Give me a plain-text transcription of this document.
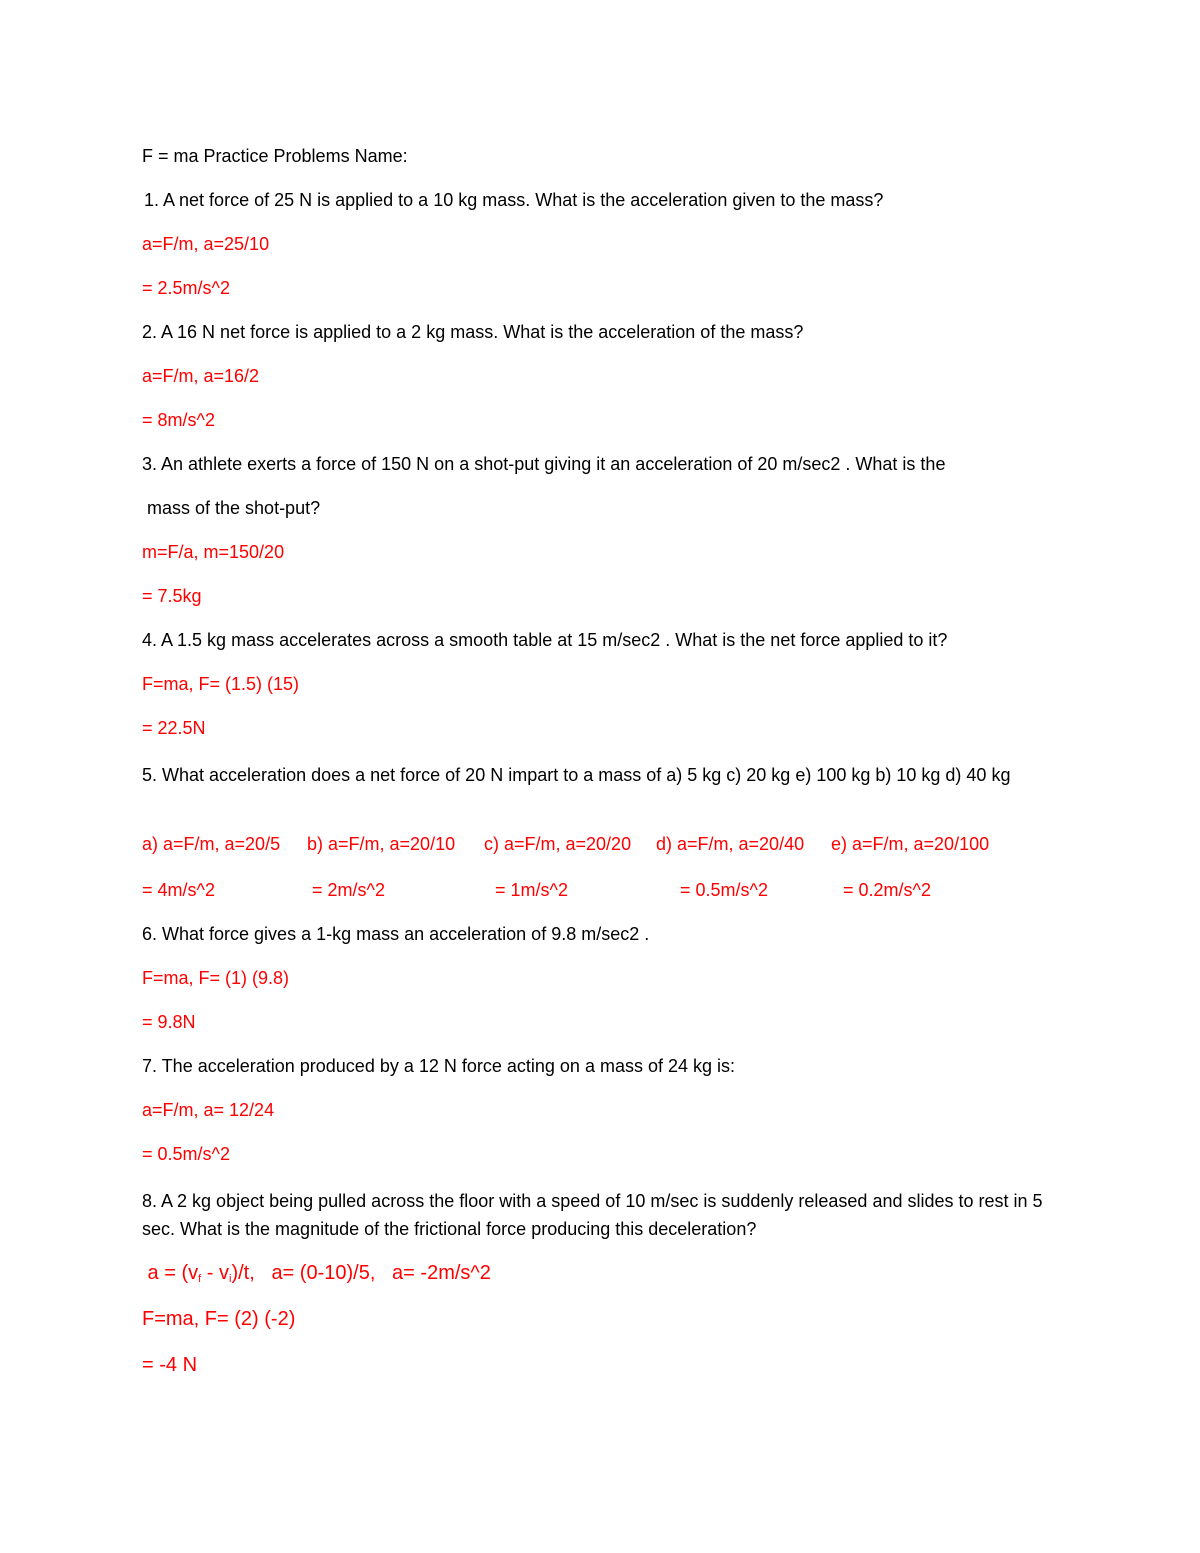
F = ma Practice Problems Name:
1. A net force of 25 N is applied to a 10 kg mass. What is the acceleration given to the mass?
a=F/m, a=25/10
= 2.5m/s^2
2. A 16 N net force is applied to a 2 kg mass. What is the acceleration of the mass?
a=F/m, a=16/2
= 8m/s^2
3. An athlete exerts a force of 150 N on a shot-put giving it an acceleration of 20 m/sec2 . What is the
mass of the shot-put?
m=F/a, m=150/20
= 7.5kg
4. A 1.5 kg mass accelerates across a smooth table at 15 m/sec2 . What is the net force applied to it?
F=ma, F= (1.5) (15)
= 22.5N
5. What acceleration does a net force of 20 N impart to a mass of a) 5 kg c) 20 kg e) 100 kg b) 10 kg d) 40 kg
a) a=F/m, a=20/5 b) a=F/m, a=20/10 c) a=F/m, a=20/20 d) a=F/m, a=20/40 e) a=F/m, a=20/100
= 4m/s^2	= 2m/s^2	= 1m/s^2	= 0.5m/s^2	= 0.2m/s^2
6. What force gives a 1-kg mass an acceleration of 9.8 m/sec2 .
F=ma, F= (1) (9.8)
= 9.8N
7. The acceleration produced by a 12 N force acting on a mass of 24 kg is:
a=F/m, a= 12/24
= 0.5m/s^2
8. A 2 kg object being pulled across the floor with a speed of 10 m/sec is suddenly released and slides to rest in 5 sec. What is the magnitude of the frictional force producing this deceleration?
$a = (v_f - v_i)/t$,   a= (0-10)/5,   a= -2m/s^2
F=ma, F= (2) (-2)
= -4 N
